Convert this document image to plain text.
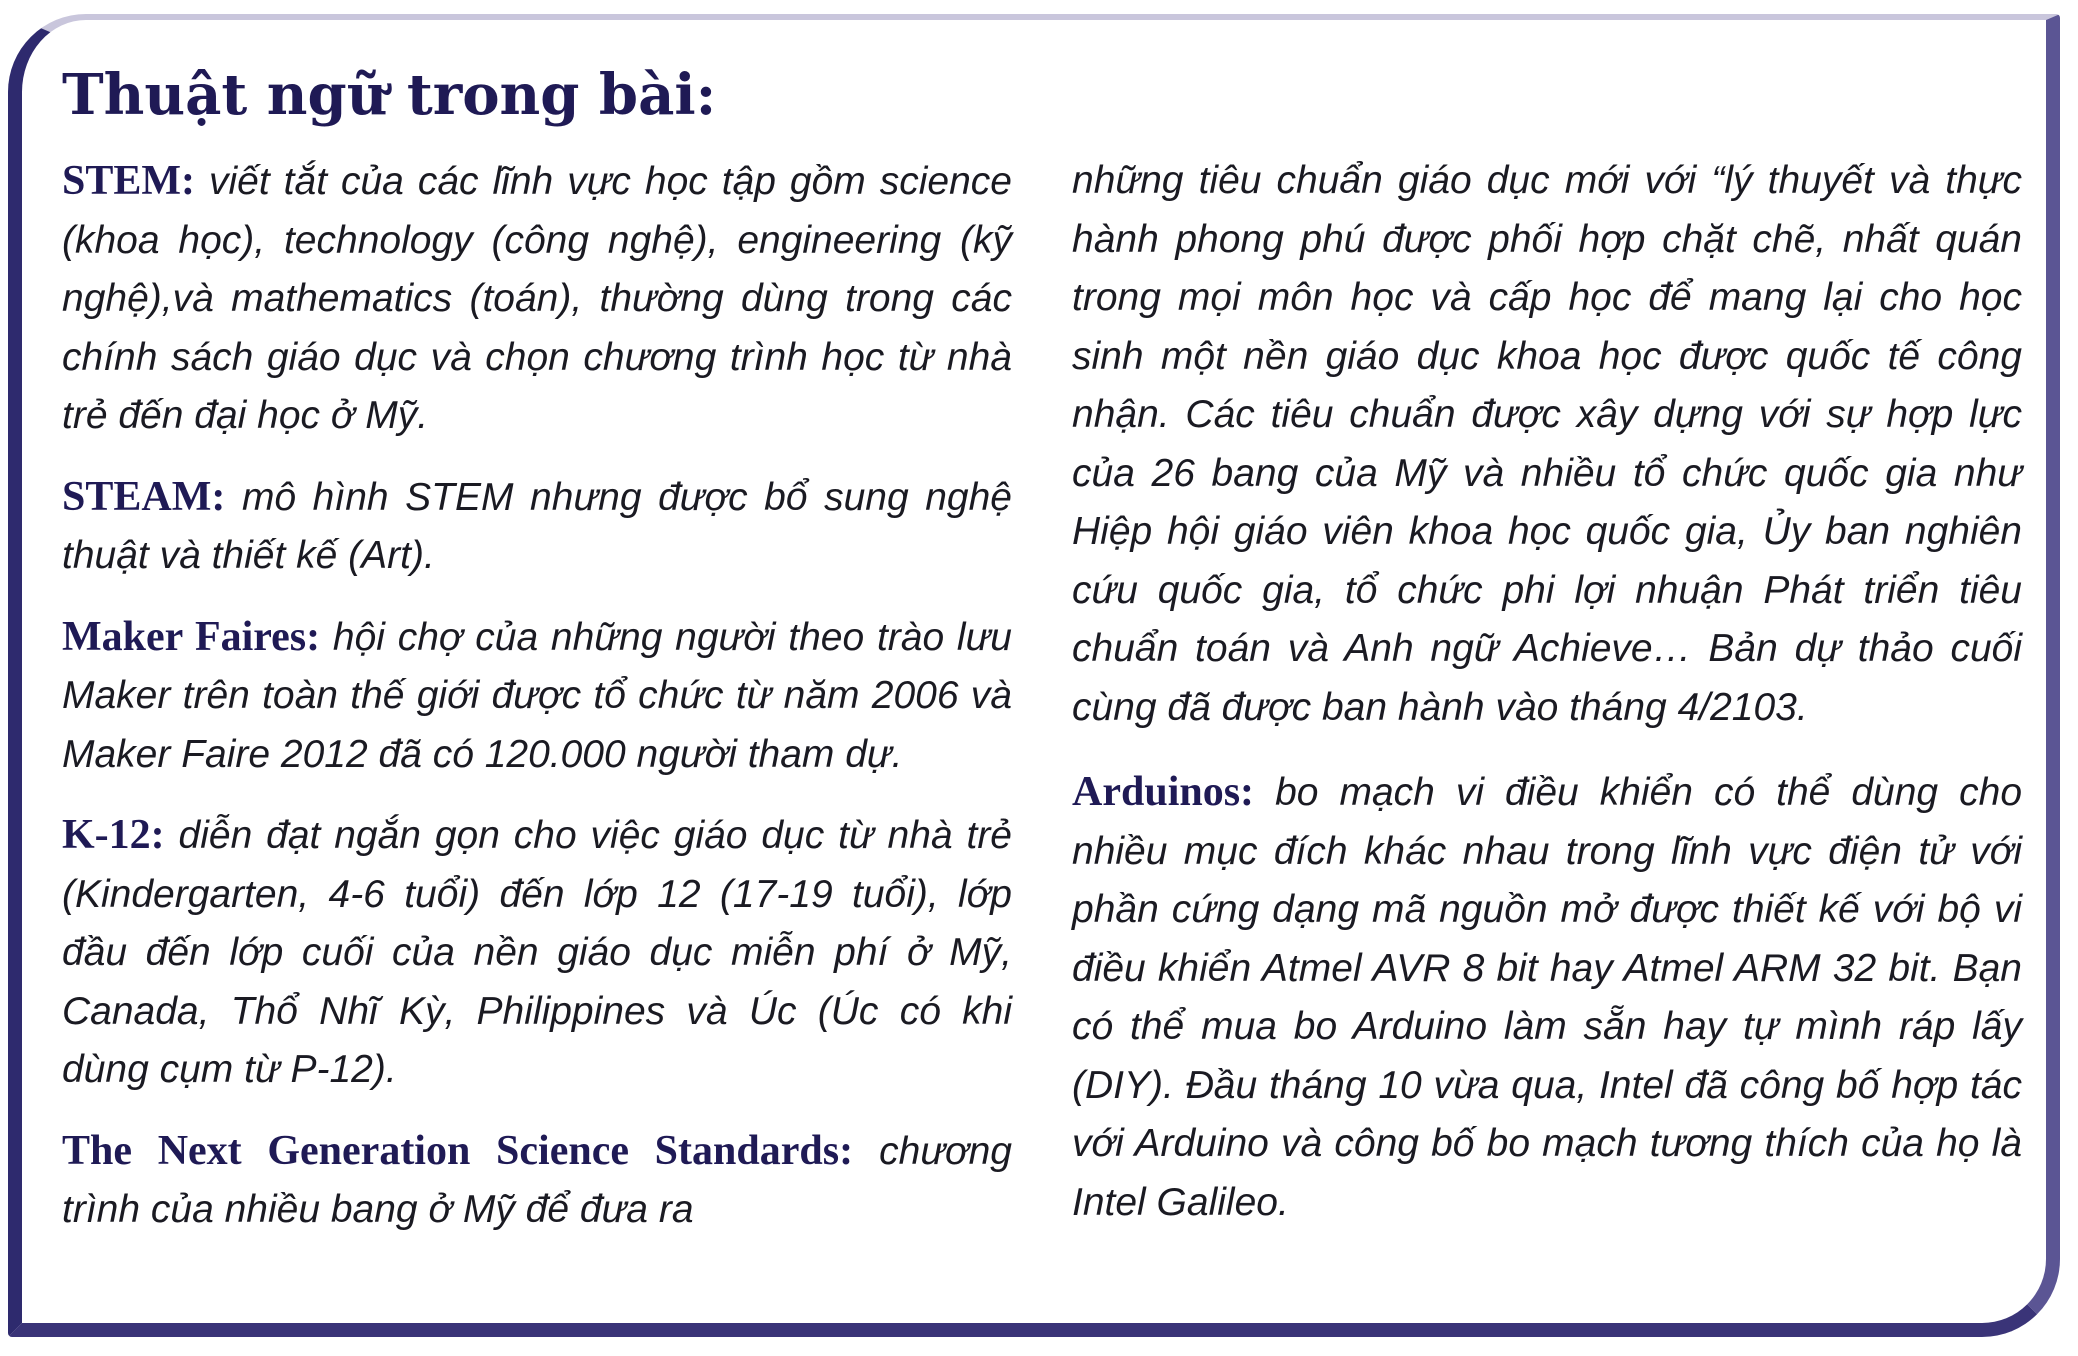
Thuật ngữ trong bài:

STEM: viết tắt của các lĩnh vực học tập gồm science (khoa học), technology (công nghệ), engineering (kỹ nghệ),và mathematics (toán), thường dùng trong các chính sách giáo dục và chọn chương trình học từ nhà trẻ đến đại học ở Mỹ.

STEAM: mô hình STEM nhưng được bổ sung nghệ thuật và thiết kế (Art).

Maker Faires: hội chợ của những người theo trào lưu Maker trên toàn thế giới được tổ chức từ năm 2006 và Maker Faire 2012 đã có 120.000 người tham dự.

K-12: diễn đạt ngắn gọn cho việc giáo dục từ nhà trẻ (Kindergarten, 4-6 tuổi) đến lớp 12 (17-19 tuổi), lớp đầu đến lớp cuối của nền giáo dục miễn phí ở Mỹ, Canada, Thổ Nhĩ Kỳ, Philippines và Úc (Úc có khi dùng cụm từ P-12).

The Next Generation Science Standards: chương trình của nhiều bang ở Mỹ để đưa ra

những tiêu chuẩn giáo dục mới với “lý thuyết và thực hành phong phú được phối hợp chặt chẽ, nhất quán trong mọi môn học và cấp học để mang lại cho học sinh một nền giáo dục khoa học được quốc tế công nhận. Các tiêu chuẩn được xây dựng với sự hợp lực của 26 bang của Mỹ và nhiều tổ chức quốc gia như Hiệp hội giáo viên khoa học quốc gia, Ủy ban nghiên cứu quốc gia, tổ chức phi lợi nhuận Phát triển tiêu chuẩn toán và Anh ngữ Achieve… Bản dự thảo cuối cùng đã được ban hành vào tháng 4/2103.

Arduinos: bo mạch vi điều khiển có thể dùng cho nhiều mục đích khác nhau trong lĩnh vực điện tử với phần cứng dạng mã nguồn mở được thiết kế với bộ vi điều khiển Atmel AVR 8 bit hay Atmel ARM 32 bit. Bạn có thể mua bo Arduino làm sẵn hay tự mình ráp lấy (DIY). Đầu tháng 10 vừa qua, Intel đã công bố hợp tác với Arduino và công bố bo mạch tương thích của họ là Intel Galileo.
